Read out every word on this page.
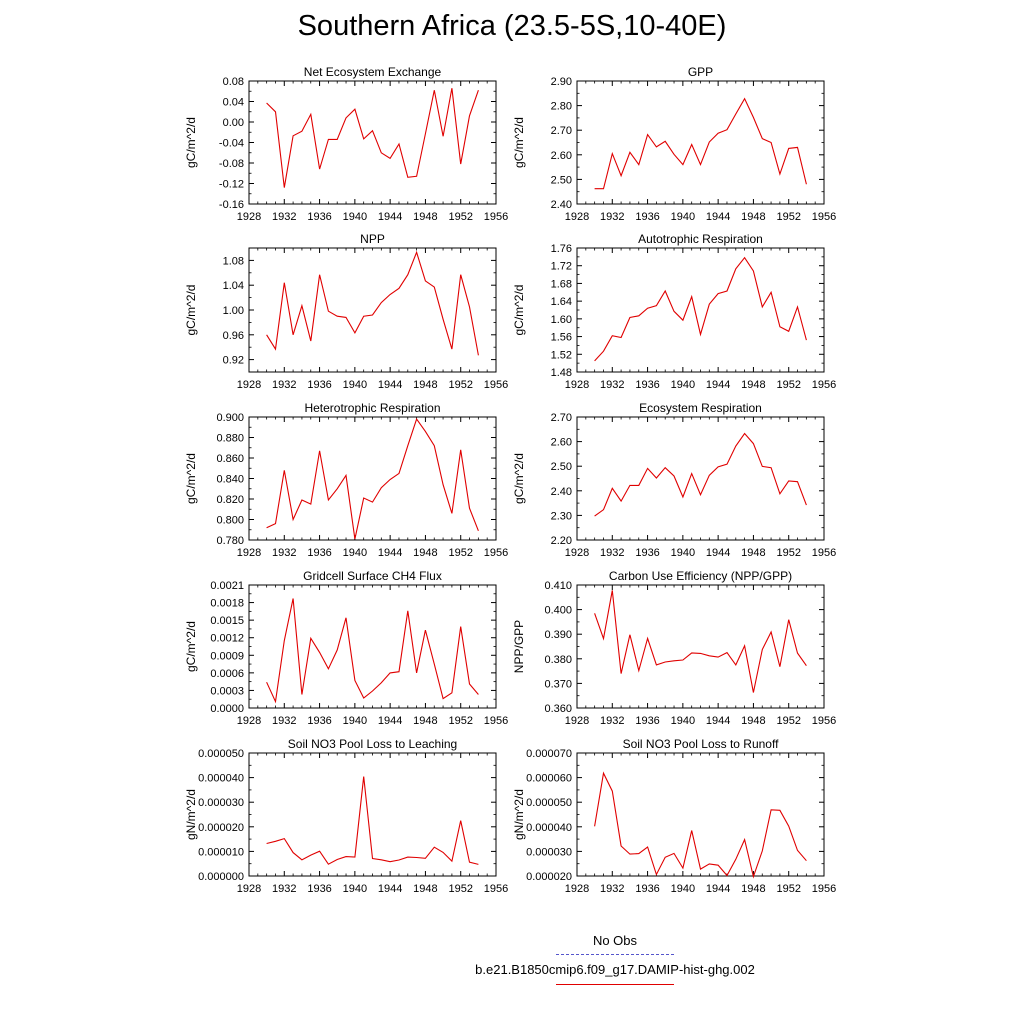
Southern Africa (23.5-5S,10-40E)
Net Ecosystem Exchange
gC/m^2/d
1928 1932 1936 1940 1944 1948 1952 1956
-0.16
-0.12
-0.08
-0.04
0.00
0.04
0.08
GPP
gC/m^2/d
1928 1932 1936 1940 1944 1948 1952 1956
2.40
2.50
2.60
2.70
2.80
2.90
NPP
gC/m^2/d
1928 1932 1936 1940 1944 1948 1952 1956
0.92
0.96
1.00
1.04
1.08
Autotrophic Respiration
gC/m^2/d
1928 1932 1936 1940 1944 1948 1952 1956
1.48
1.52
1.56
1.60
1.64
1.68
1.72
1.76
Heterotrophic Respiration
gC/m^2/d
1928 1932 1936 1940 1944 1948 1952 1956
0.780
0.800
0.820
0.840
0.860
0.880
0.900
Ecosystem Respiration
gC/m^2/d
1928 1932 1936 1940 1944 1948 1952 1956
2.20
2.30
2.40
2.50
2.60
2.70
Gridcell Surface CH4 Flux
gC/m^2/d
1928 1932 1936 1940 1944 1948 1952 1956
0.0000
0.0003
0.0006
0.0009
0.0012
0.0015
0.0018
0.0021
Carbon Use Efficiency (NPP/GPP)
NPP/GPP
1928 1932 1936 1940 1944 1948 1952 1956
0.360
0.370
0.380
0.390
0.400
0.410
Soil NO3 Pool Loss to Leaching
gN/m^2/d
1928 1932 1936 1940 1944 1948 1952 1956
0.000000
0.000010
0.000020
0.000030
0.000040
0.000050
Soil NO3 Pool Loss to Runoff
gN/m^2/d
1928 1932 1936 1940 1944 1948 1952 1956
0.000020
0.000030
0.000040
0.000050
0.000060
0.000070
No Obs
b.e21.B1850cmip6.f09_g17.DAMIP-hist-ghg.002
